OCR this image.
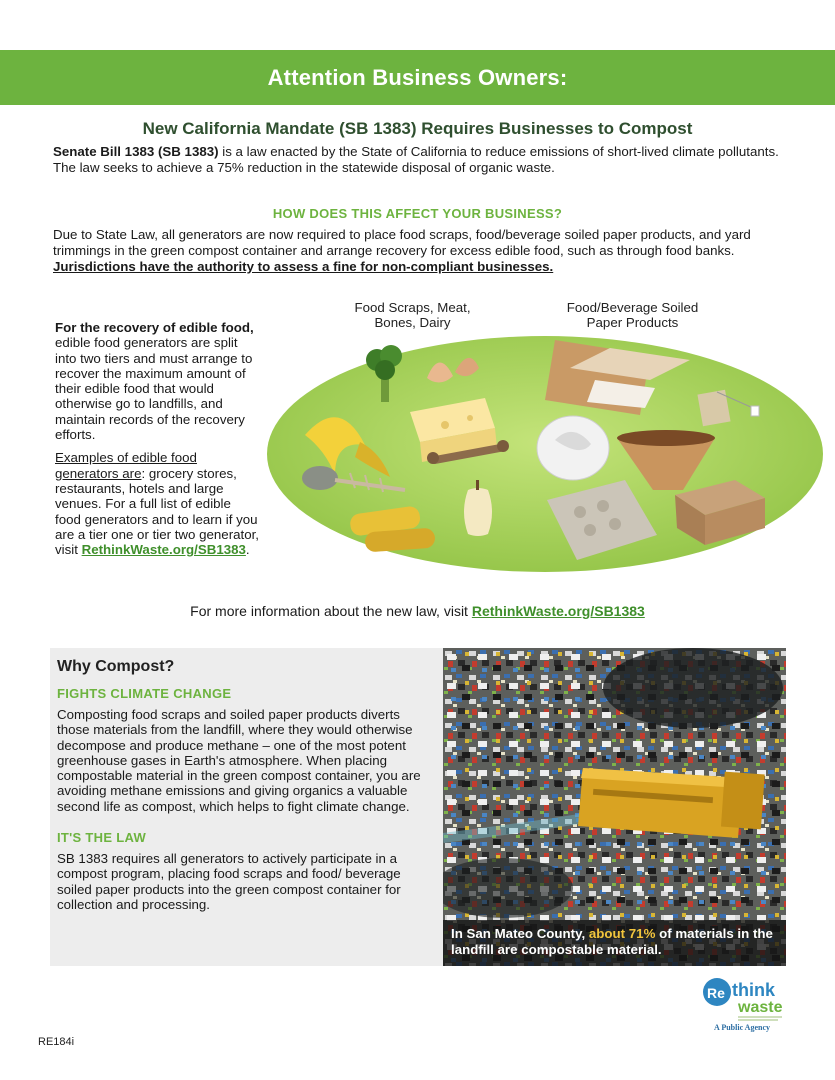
Attention Business Owners:
New California Mandate (SB 1383) Requires Businesses to Compost
Senate Bill 1383 (SB 1383) is a law enacted by the State of California to reduce emissions of short-lived climate pollutants. The law seeks to achieve a 75% reduction in the statewide disposal of organic waste.
HOW DOES THIS AFFECT YOUR BUSINESS?
Due to State Law, all generators are now required to place food scraps, food/beverage soiled paper products, and yard trimmings in the green compost container and arrange recovery for excess edible food, such as through food banks. Jurisdictions have the authority to assess a fine for non-compliant businesses.

For the recovery of edible food, edible food generators are split into two tiers and must arrange to recover the maximum amount of their edible food that would otherwise go to landfills, and maintain records of the recovery efforts.

Examples of edible food generators are: grocery stores, restaurants, hotels and large venues. For a full list of edible food generators and to learn if you are a tier one or tier two generator, visit RethinkWaste.org/SB1383.

Food Scraps, Meat,
Bones, Dairy
Food/Beverage Soiled
Paper Products
For more information about the new law, visit RethinkWaste.org/SB1383
Why Compost?
FIGHTS CLIMATE CHANGE

Composting food scraps and soiled paper products diverts those materials from the landfill, where they would otherwise decompose and produce methane – one of the most potent greenhouse gases in Earth's atmosphere. When placing compostable material in the green compost container, you are avoiding methane emissions and giving organics a valuable second life as compost, which helps to fight climate change.

IT'S THE LAW

SB 1383 requires all generators to actively participate in a compost program, placing food scraps and food/ beverage soiled paper products into the green compost container for collection and processing.

In San Mateo County, about 71% of materials in the landfill are compostable material.
Re think
waste
A Public Agency
RE184i
